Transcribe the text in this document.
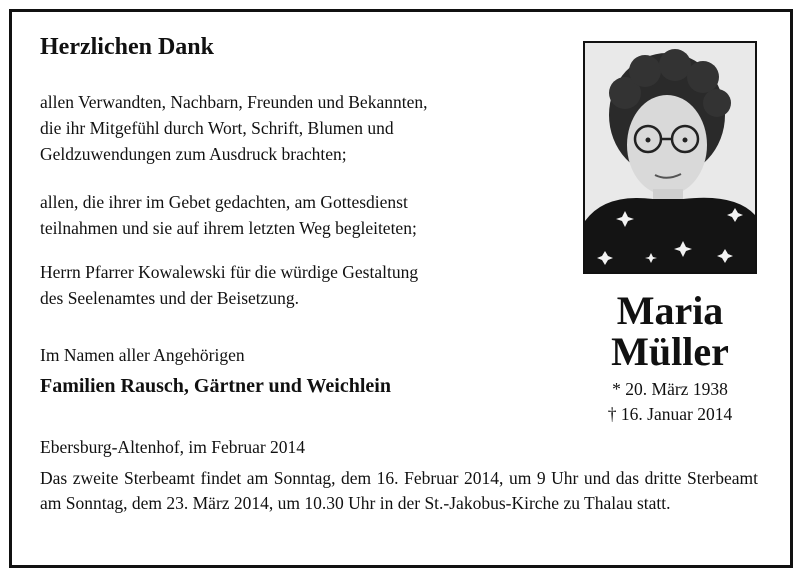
Herzlichen Dank
allen Verwandten, Nachbarn, Freunden und Bekannten,
die ihr Mitgefühl durch Wort, Schrift, Blumen und
Geldzuwendungen zum Ausdruck brachten;
allen, die ihrer im Gebet gedachten, am Gottesdienst
teilnahmen und sie auf ihrem letzten Weg begleiteten;
Herrn Pfarrer Kowalewski für die würdige Gestaltung
des Seelenamtes und der Beisetzung.
Im Namen aller Angehörigen
Familien Rausch, Gärtner und Weichlein
Ebersburg-Altenhof, im Februar 2014
Das zweite Sterbeamt findet am Sonntag, dem 16. Februar 2014, um 9 Uhr und das dritte Sterbeamt am Sonntag, dem 23. März 2014, um 10.30 Uhr in der St.-Jakobus-Kirche zu Thalau statt.
Maria
Müller
* 20. März 1938
† 16. Januar 2014
